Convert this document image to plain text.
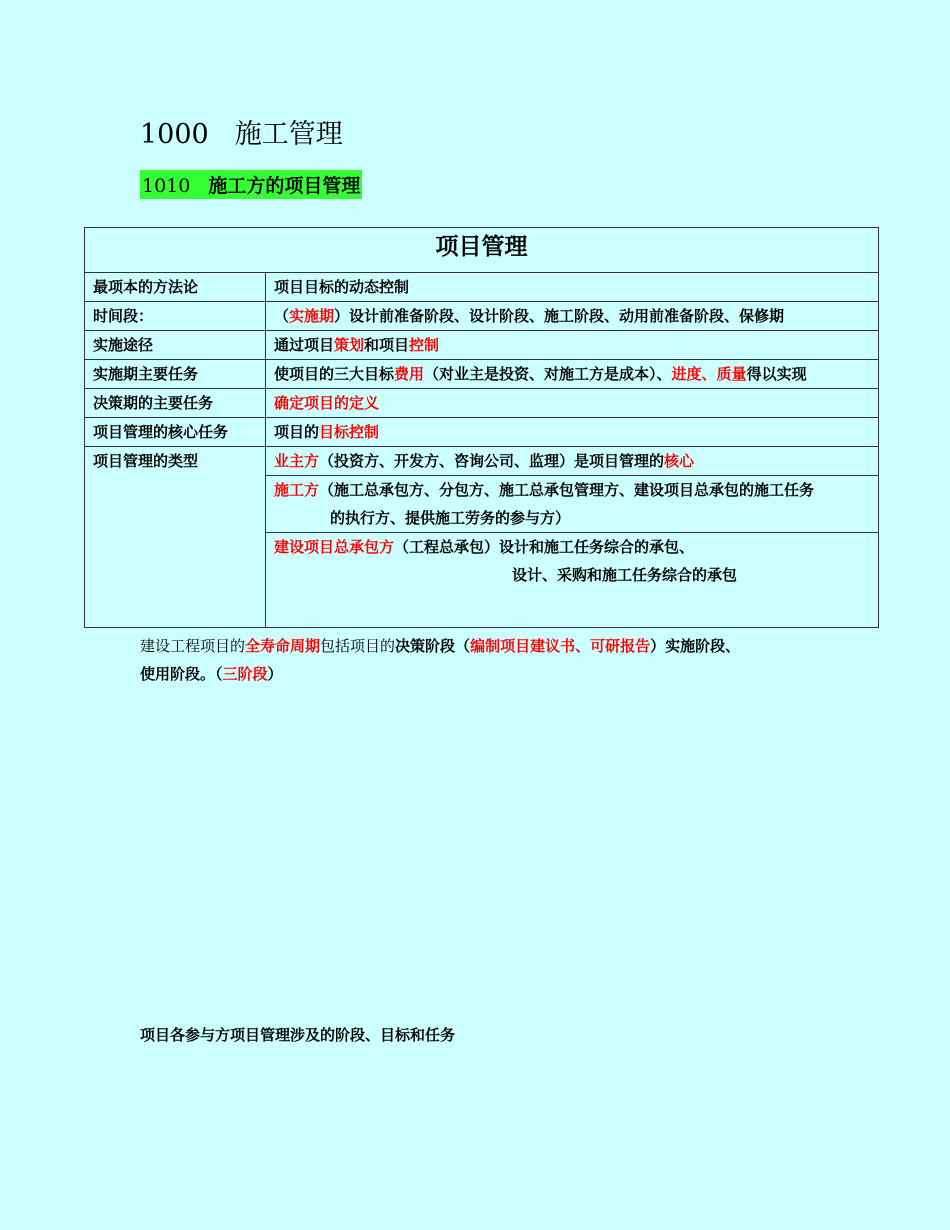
1000 施工管理
1010 施工方的项目管理
项目管理	
最项本的方法论	项目目标的动态控制
时间段：	（实施期）设计前准备阶段、设计阶段、施工阶段、动用前准备阶段、保修期
实施途径	通过项目策划和项目控制
实施期主要任务	使项目的三大目标费用（对业主是投资、对施工方是成本）、进度、质量得以实现
决策期的主要任务	确定项目的定义
项目管理的核心任务	项目的目标控制
项目管理的类型	业主方（投资方、开发方、咨询公司、监理）是项目管理的核心

	施工方（施工总承包方、分包方、施工总承包管理方、建设项目总承包的施工任务
的执行方、提供施工劳务的参与方）

	建设项目总承包方（工程总承包）设计和施工任务综合的承包、
设计、采购和施工任务综合的承包
建设工程项目的全寿命周期包括项目的决策阶段（编制项目建议书、可研报告）实施阶段、
使用阶段。（三阶段）
项目各参与方项目管理涉及的阶段、目标和任务
